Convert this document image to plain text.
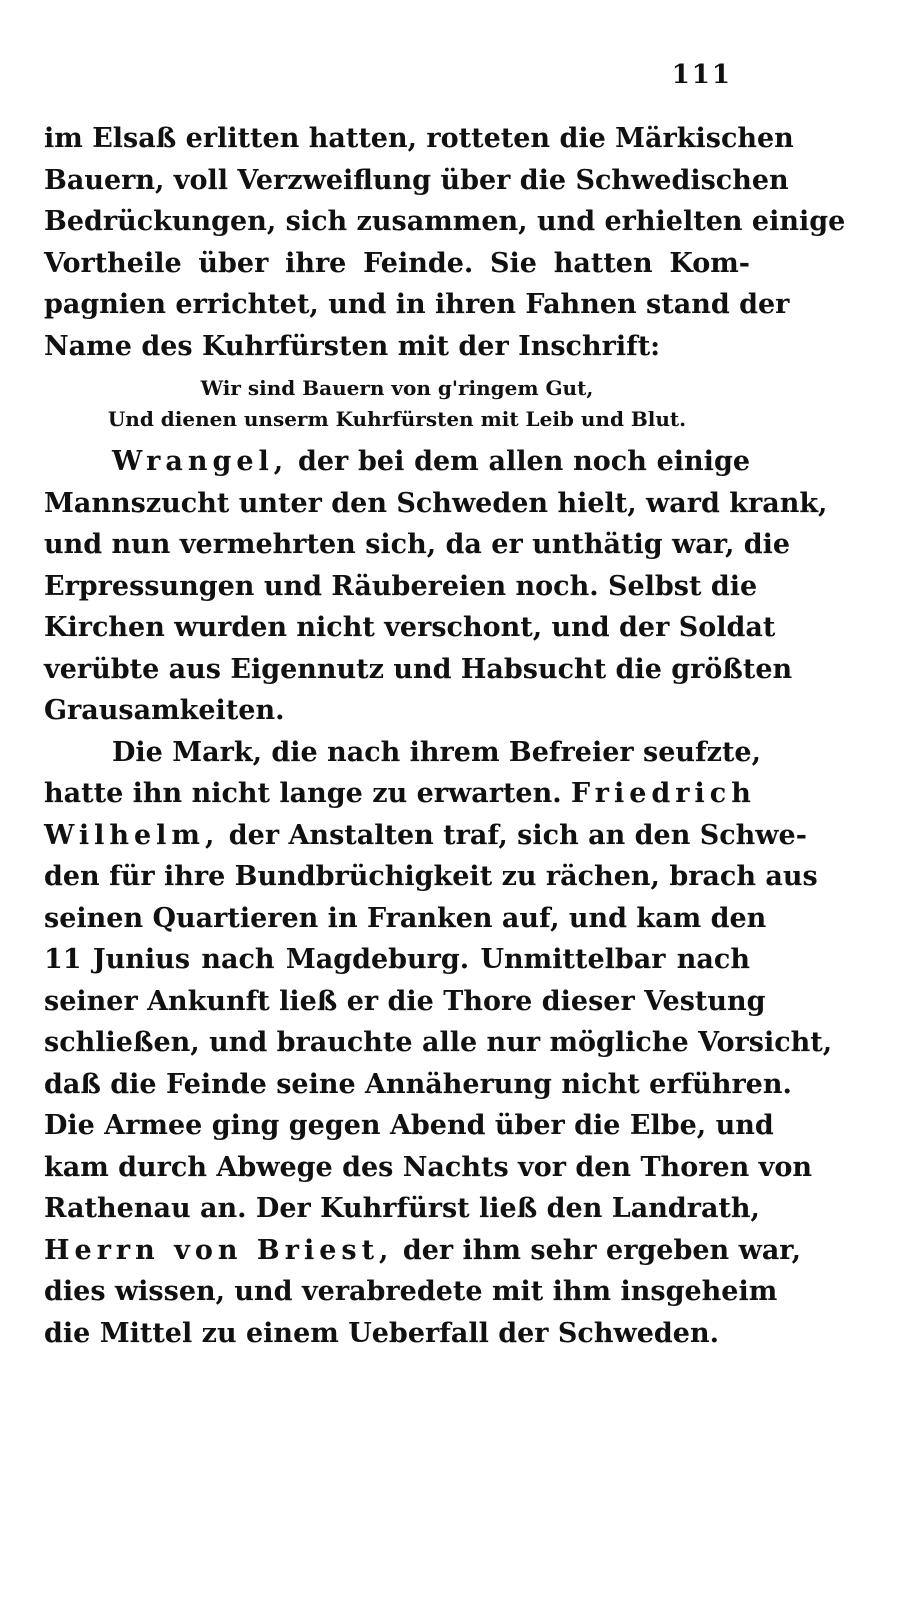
111
im Elsaß erlitten hatten, rotteten die Märkischen
Bauern, voll Verzweiflung über die Schwedischen
Bedrückungen, sich zusammen, und erhielten einige
Vortheile über ihre Feinde. Sie hatten Kom-
pagnien errichtet, und in ihren Fahnen stand der
Name des Kuhrfürsten mit der Inschrift:
Wir sind Bauern von g'ringem Gut,
Und dienen unserm Kuhrfürsten mit Leib und Blut.
Wrangel, der bei dem allen noch einige
Mannszucht unter den Schweden hielt, ward krank,
und nun vermehrten sich, da er unthätig war, die
Erpressungen und Räubereien noch. Selbst die
Kirchen wurden nicht verschont, und der Soldat
verübte aus Eigennutz und Habsucht die größten
Grausamkeiten.
Die Mark, die nach ihrem Befreier seufzte,
hatte ihn nicht lange zu erwarten. Friedrich
Wilhelm, der Anstalten traf, sich an den Schwe-
den für ihre Bundbrüchigkeit zu rächen, brach aus
seinen Quartieren in Franken auf, und kam den
11 Junius nach Magdeburg. Unmittelbar nach
seiner Ankunft ließ er die Thore dieser Vestung
schließen, und brauchte alle nur mögliche Vorsicht,
daß die Feinde seine Annäherung nicht erführen.
Die Armee ging gegen Abend über die Elbe, und
kam durch Abwege des Nachts vor den Thoren von
Rathenau an. Der Kuhrfürst ließ den Landrath,
Herrn von Briest, der ihm sehr ergeben war,
dies wissen, und verabredete mit ihm insgeheim
die Mittel zu einem Ueberfall der Schweden.
